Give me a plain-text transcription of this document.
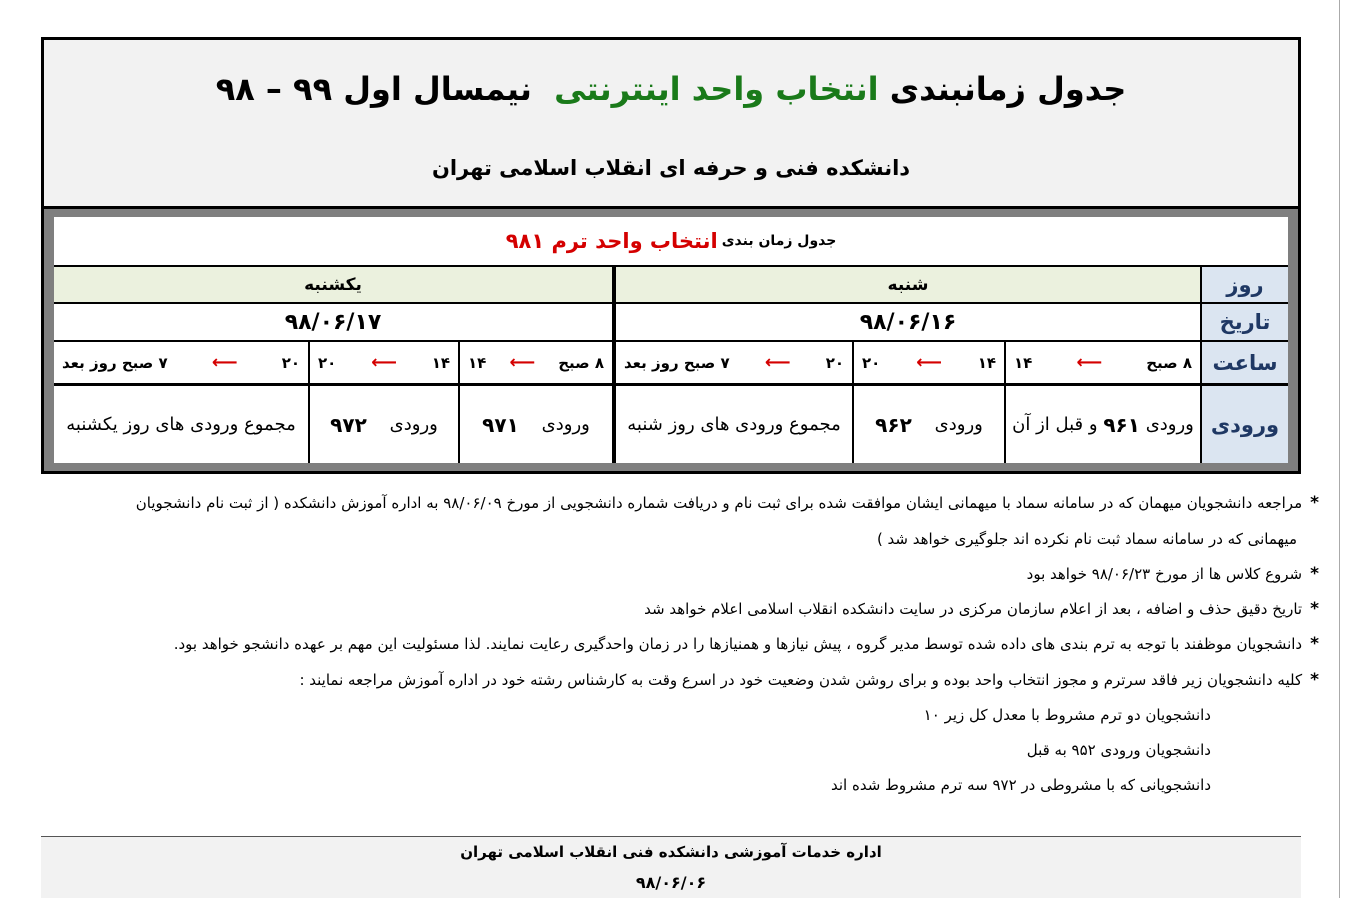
جدول زمانبندی انتخاب واحد اینترنتی  نیمسال اول ۹۹ – ۹۸
دانشکده فنی و حرفه ای انقلاب اسلامی تهران
جدول زمان بندی
انتخاب واحد ترم ۹۸۱
روز
تاریخ
ساعت
ورودی
شنبه
یکشنبه
۹۸/۰۶/۱۶
۹۸/۰۶/۱۷
۸ صبح
⟵
۱۴
۱۴
⟵
۲۰
۲۰
⟵
۷ صبح روز بعد
۸ صبح
⟵
۱۴
۱۴
⟵
۲۰
۲۰
⟵
۷ صبح روز بعد
ورودی

۹۶۱

و قبل از آن
ورودی

۹۶۲
مجموع ورودی های روز شنبه
ورودی

۹۷۱
ورودی

۹۷۲
مجموع ورودی های روز یکشنبه
*مراجعه دانشجویان میهمان که در سامانه سماد با میهمانی ایشان موافقت شده برای ثبت نام و دریافت شماره دانشجویی از مورخ ۹۸/۰۶/۰۹ به اداره آموزش دانشکده ( از ثبت نام دانشجویان
میهمانی که در سامانه سماد ثبت نام نکرده اند جلوگیری خواهد شد )
*شروع کلاس ها از مورخ ۹۸/۰۶/۲۳ خواهد بود
*تاریخ دقیق حذف و اضافه ، بعد از اعلام سازمان مرکزی در سایت دانشکده انقلاب اسلامی اعلام خواهد شد
*دانشجویان موظفند با توجه به ترم بندی های داده شده توسط مدیر گروه ، پیش نیازها و همنیازها را در زمان واحدگیری رعایت نمایند. لذا مسئولیت این مهم بر عهده دانشجو خواهد بود.
*کلیه دانشجویان زیر فاقد سرترم و مجوز انتخاب واحد بوده و برای روشن شدن وضعیت خود در اسرع وقت به کارشناس رشته خود در اداره آموزش مراجعه نمایند :
دانشجویان دو ترم مشروط با معدل کل زیر ۱۰
دانشجویان ورودی ۹۵۲ به قبل
دانشجویانی که با مشروطی در ۹۷۲ سه ترم مشروط شده اند
اداره خدمات آموزشی دانشکده فنی انقلاب اسلامی تهران
۹۸/۰۶/۰۶
